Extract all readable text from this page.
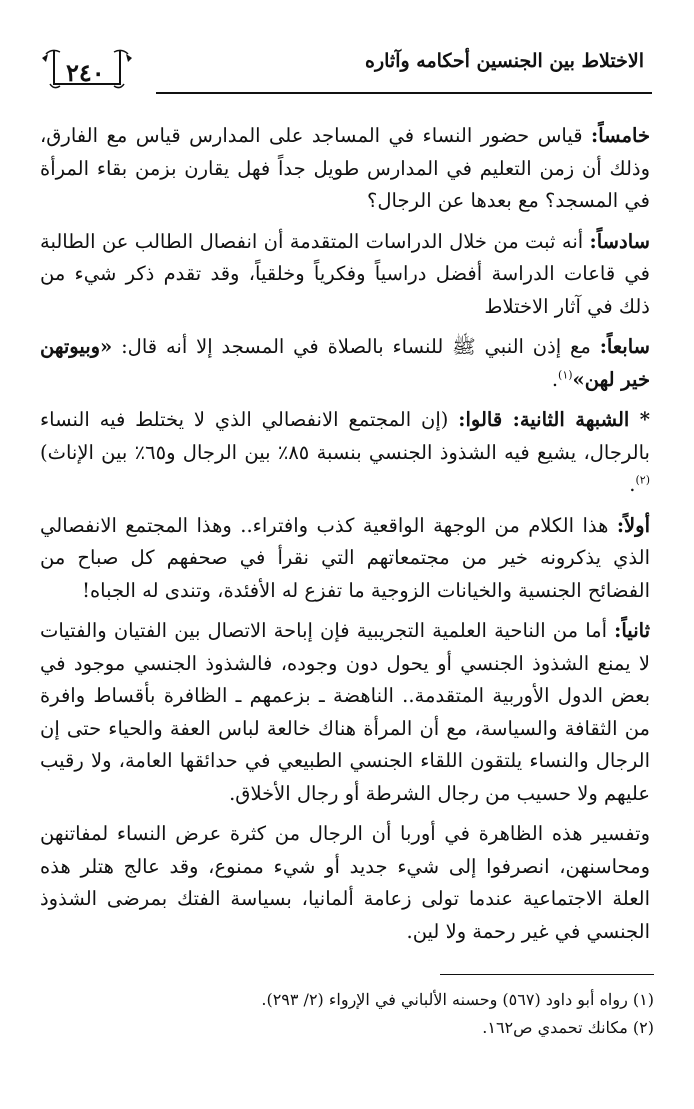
الاختلاط بين الجنسين أحكامه وآثاره
٢٤٠

خامساً: قياس حضور النساء في المساجد على المدارس قياس مع الفارق، وذلك أن زمن التعليم في المدارس طويل جداً فهل يقارن بزمن بقاء المرأة في المسجد؟ مع بعدها عن الرجال؟

سادساً: أنه ثبت من خلال الدراسات المتقدمة أن انفصال الطالب عن الطالبة في قاعات الدراسة أفضل دراسياً وفكرياً وخلقياً، وقد تقدم ذكر شيء من ذلك في آثار الاختلاط

سابعاً: مع إذن النبي ﷺ للنساء بالصلاة في المسجد إلا أنه قال: «وبيوتهن خير لهن»$^{(١)}$.

* الشبهة الثانية: قالوا: (إن المجتمع الانفصالي الذي لا يختلط فيه النساء بالرجال، يشيع فيه الشذوذ الجنسي بنسبة ٨٥٪ بين الرجال و٦٥٪ بين الإناث)$^{(٢)}$.

أولاً: هذا الكلام من الوجهة الواقعية كذب وافتراء.. وهذا المجتمع الانفصالي الذي يذكرونه خير من مجتمعاتهم التي نقرأ في صحفهم كل صباح من الفضائح الجنسية والخيانات الزوجية ما تفزع له الأفئدة، وتندى له الجباه!

ثانياً: أما من الناحية العلمية التجريبية فإن إباحة الاتصال بين الفتيان والفتيات لا يمنع الشذوذ الجنسي أو يحول دون وجوده، فالشذوذ الجنسي موجود في بعض الدول الأوربية المتقدمة.. الناهضة ـ بزعمهم ـ الظافرة بأقساط وافرة من الثقافة والسياسة، مع أن المرأة هناك خالعة لباس العفة والحياء حتى إن الرجال والنساء يلتقون اللقاء الجنسي الطبيعي في حدائقها العامة، ولا رقيب عليهم ولا حسيب من رجال الشرطة أو رجال الأخلاق.

وتفسير هذه الظاهرة في أوربا أن الرجال من كثرة عرض النساء لمفاتنهن ومحاسنهن، انصرفوا إلى شيء جديد أو شيء ممنوع، وقد عالج هتلر هذه العلة الاجتماعية عندما تولى زعامة ألمانيا، بسياسة الفتك بمرضى الشذوذ الجنسي في غير رحمة ولا لين.

(١) رواه أبو داود (٥٦٧) وحسنه الألباني في الإرواء (٢/ ٢٩٣).

(٢) مكانك تحمدي ص١٦٢.
